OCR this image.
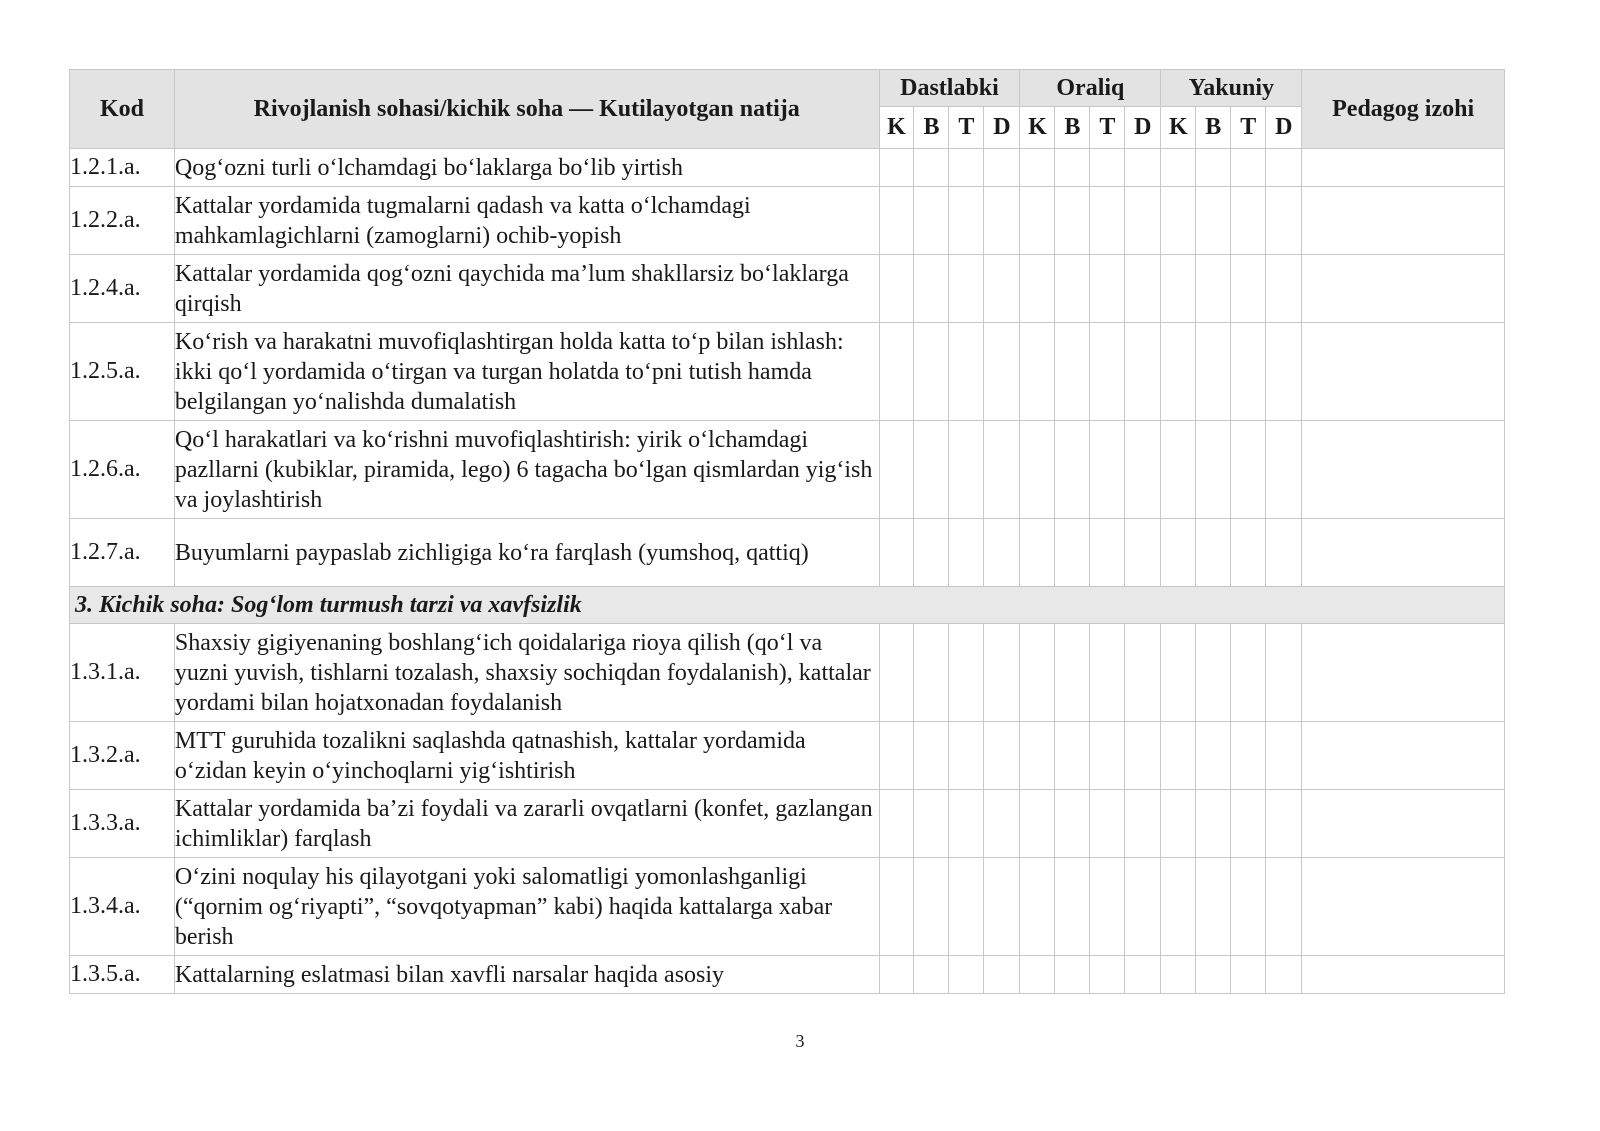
Kod	Rivojlanish sohasi/kichik soha — Kutilayotgan natija	Dastlabki				Oraliq				Yakuniy				Pedagog izohi
		K	B	T	D	K	B	T	D	K	B	T	D	
1.2.1.a.	Qog‘ozni turli o‘lchamdagi bo‘laklarga bo‘lib yirtish													
1.2.2.a.	Kattalar yordamida tugmalarni qadash va katta o‘lchamdagi mahkamlagichlarni (zamoglarni) ochib-yopish													
1.2.4.a.	Kattalar yordamida qog‘ozni qaychida ma’lum shakllarsiz bo‘laklarga qirqish													
1.2.5.a.	Ko‘rish va harakatni muvofiqlashtirgan holda katta to‘p bilan ishlash: ikki qo‘l yordamida o‘tirgan va turgan holatda to‘pni tutish hamda belgilangan yo‘nalishda dumalatish													
1.2.6.a.	Qo‘l harakatlari va ko‘rishni muvofiqlashtirish: yirik o‘lchamdagi pazllarni (kubiklar, piramida, lego) 6 tagacha bo‘lgan qismlardan yig‘ish va joylashtirish													
1.2.7.a.	Buyumlarni paypaslab zichligiga ko‘ra farqlash (yumshoq, qattiq)													
3. Kichik soha: Sog‘lom turmush tarzi va xavfsizlik														
1.3.1.a.	Shaxsiy gigiyenaning boshlang‘ich qoidalariga rioya qilish (qo‘l va yuzni yuvish, tishlarni tozalash, shaxsiy sochiqdan foydalanish), kattalar yordami bilan hojatxonadan foydalanish													
1.3.2.a.	MTT guruhida tozalikni saqlashda qatnashish, kattalar yordamida o‘zidan keyin o‘yinchoqlarni yig‘ishtirish													
1.3.3.a.	Kattalar yordamida ba’zi foydali va zararli ovqatlarni (konfet, gazlangan ichimliklar) farqlash													
1.3.4.a.	O‘zini noqulay his qilayotgani yoki salomatligi yomonlashganligi (“qornim og‘riyapti”, “sovqotyapman” kabi) haqida kattalarga xabar berish													
1.3.5.a.	Kattalarning eslatmasi bilan xavfli narsalar haqida asosiy													
3
